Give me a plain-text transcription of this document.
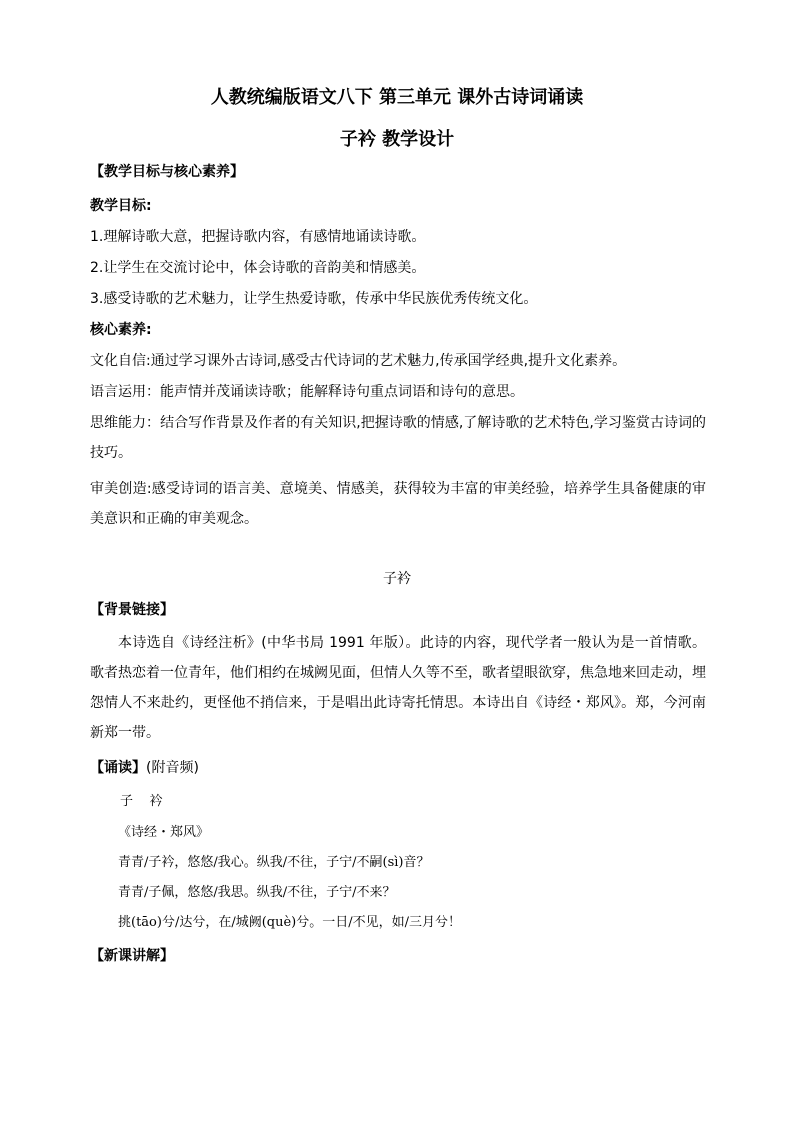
人教统编版语文八下 第三单元 课外古诗词诵读
子衿 教学设计
【教学目标与核心素养】
教学目标:
1.理解诗歌大意，把握诗歌内容，有感情地诵读诗歌。
2.让学生在交流讨论中，体会诗歌的音韵美和情感美。
3.感受诗歌的艺术魅力，让学生热爱诗歌，传承中华民族优秀传统文化。
核心素养:
文化自信:通过学习课外古诗词,感受古代诗词的艺术魅力,传承国学经典,提升文化素养。
语言运用：能声情并茂诵读诗歌；能解释诗句重点词语和诗句的意思。
思维能力：结合写作背景及作者的有关知识,把握诗歌的情感,了解诗歌的艺术特色,学习鉴赏古诗词的技巧。
审美创造:感受诗词的语言美、意境美、情感美，获得较为丰富的审美经验，培养学生具备健康的审美意识和正确的审美观念。
子衿
【背景链接】
本诗选自《诗经注析》(中华书局 1991 年版）。此诗的内容，现代学者一般认为是一首情歌。歌者热恋着一位青年，他们相约在城阙见面，但情人久等不至，歌者望眼欲穿，焦急地来回走动，埋怨情人不来赴约，更怪他不捎信来，于是唱出此诗寄托情思。本诗出自《诗经・郑风》。郑，今河南新郑一带。
【诵读】(附音频)
子    衿
《诗经・郑风》
青青/子衿，悠悠/我心。纵我/不往，子宁/不嗣(sì)音？
青青/子佩，悠悠/我思。纵我/不往，子宁/不来？
挑(tāo)兮/达兮，在/城阙(què)兮。一日/不见，如/三月兮！
【新课讲解】
